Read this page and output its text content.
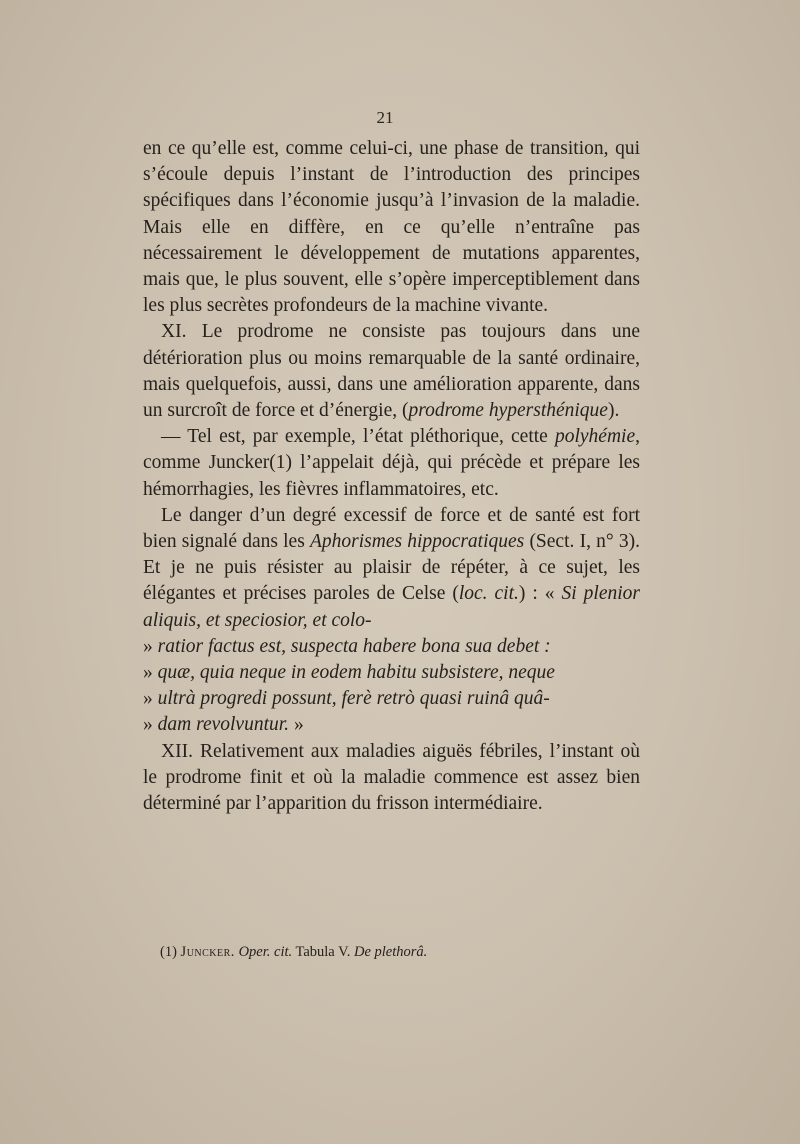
21

en ce qu’elle est, comme celui-ci, une phase de transition, qui s’écoule depuis l’instant de l’introduction des principes spécifiques dans l’économie jusqu’à l’invasion de la maladie. Mais elle en diffère, en ce qu’elle n’entraîne pas nécessairement le développement de mutations apparentes, mais que, le plus souvent, elle s’opère imperceptiblement dans les plus secrètes profondeurs de la machine vivante.

XI. Le prodrome ne consiste pas toujours dans une détérioration plus ou moins remarquable de la santé ordinaire, mais quelquefois, aussi, dans une amélioration apparente, dans un surcroît de force et d’énergie, (prodrome hypersthénique).

— Tel est, par exemple, l’état pléthorique, cette polyhémie, comme Juncker(1) l’appelait déjà, qui précède et prépare les hémorrhagies, les fièvres inflammatoires, etc.

Le danger d’un degré excessif de force et de santé est fort bien signalé dans les Aphorismes hippocratiques (Sect. I, n° 3). Et je ne puis résister au plaisir de répéter, à ce sujet, les élégantes et précises paroles de Celse (loc. cit.) : « Si plenior aliquis, et speciosior, et colo-
» ratior factus est, suspecta habere bona sua debet :
» quæ, quia neque in eodem habitu subsistere, neque
» ultrà progredi possunt, ferè retrò quasi ruinâ quâ-
» dam revolvuntur. »

XII. Relativement aux maladies aiguës fébriles, l’instant où le prodrome finit et où la maladie commence est assez bien déterminé par l’apparition du frisson intermédiaire.

(1) Juncker. Oper. cit. Tabula V. De plethorâ.
